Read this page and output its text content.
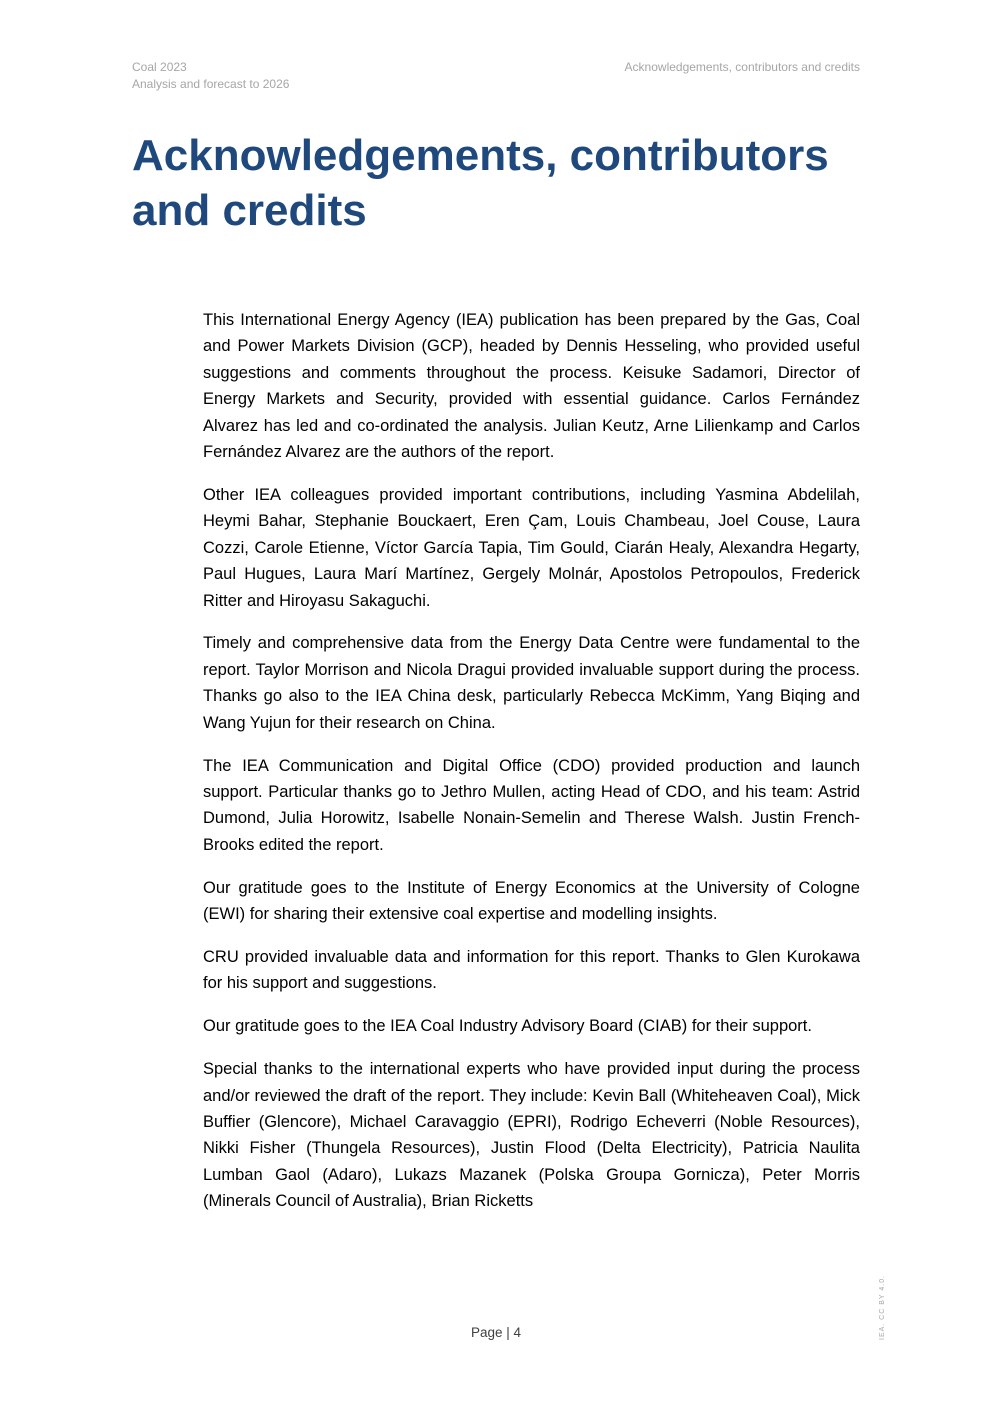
Coal 2023
Analysis and forecast to 2026
Acknowledgements, contributors and credits
Acknowledgements, contributors
and credits

This International Energy Agency (IEA) publication has been prepared by the Gas, Coal and Power Markets Division (GCP), headed by Dennis Hesseling, who provided useful suggestions and comments throughout the process. Keisuke Sadamori, Director of Energy Markets and Security, provided with essential guidance. Carlos Fernández Alvarez has led and co-ordinated the analysis. Julian Keutz, Arne Lilienkamp and Carlos Fernández Alvarez are the authors of the report.

Other IEA colleagues provided important contributions, including Yasmina Abdelilah, Heymi Bahar, Stephanie Bouckaert, Eren Çam, Louis Chambeau, Joel Couse, Laura Cozzi, Carole Etienne, Víctor García Tapia, Tim Gould, Ciarán Healy, Alexandra Hegarty, Paul Hugues, Laura Marí Martínez, Gergely Molnár, Apostolos Petropoulos, Frederick Ritter and Hiroyasu Sakaguchi.

Timely and comprehensive data from the Energy Data Centre were fundamental to the report. Taylor Morrison and Nicola Dragui provided invaluable support during the process. Thanks go also to the IEA China desk, particularly Rebecca McKimm, Yang Biqing and Wang Yujun for their research on China.

The IEA Communication and Digital Office (CDO) provided production and launch support. Particular thanks go to Jethro Mullen, acting Head of CDO, and his team: Astrid Dumond, Julia Horowitz, Isabelle Nonain-Semelin and Therese Walsh. Justin French-Brooks edited the report.

Our gratitude goes to the Institute of Energy Economics at the University of Cologne (EWI) for sharing their extensive coal expertise and modelling insights.

CRU provided invaluable data and information for this report. Thanks to Glen Kurokawa for his support and suggestions.

Our gratitude goes to the IEA Coal Industry Advisory Board (CIAB) for their support.

Special thanks to the international experts who have provided input during the process and/or reviewed the draft of the report. They include: Kevin Ball (Whiteheaven Coal), Mick Buffier (Glencore), Michael Caravaggio (EPRI), Rodrigo Echeverri (Noble Resources), Nikki Fisher (Thungela Resources), Justin Flood (Delta Electricity), Patricia Naulita Lumban Gaol (Adaro), Lukazs Mazanek (Polska Groupa Gornicza), Peter Morris (Minerals Council of Australia), Brian Ricketts

Page | 4	IEA. CC BY 4.0.
